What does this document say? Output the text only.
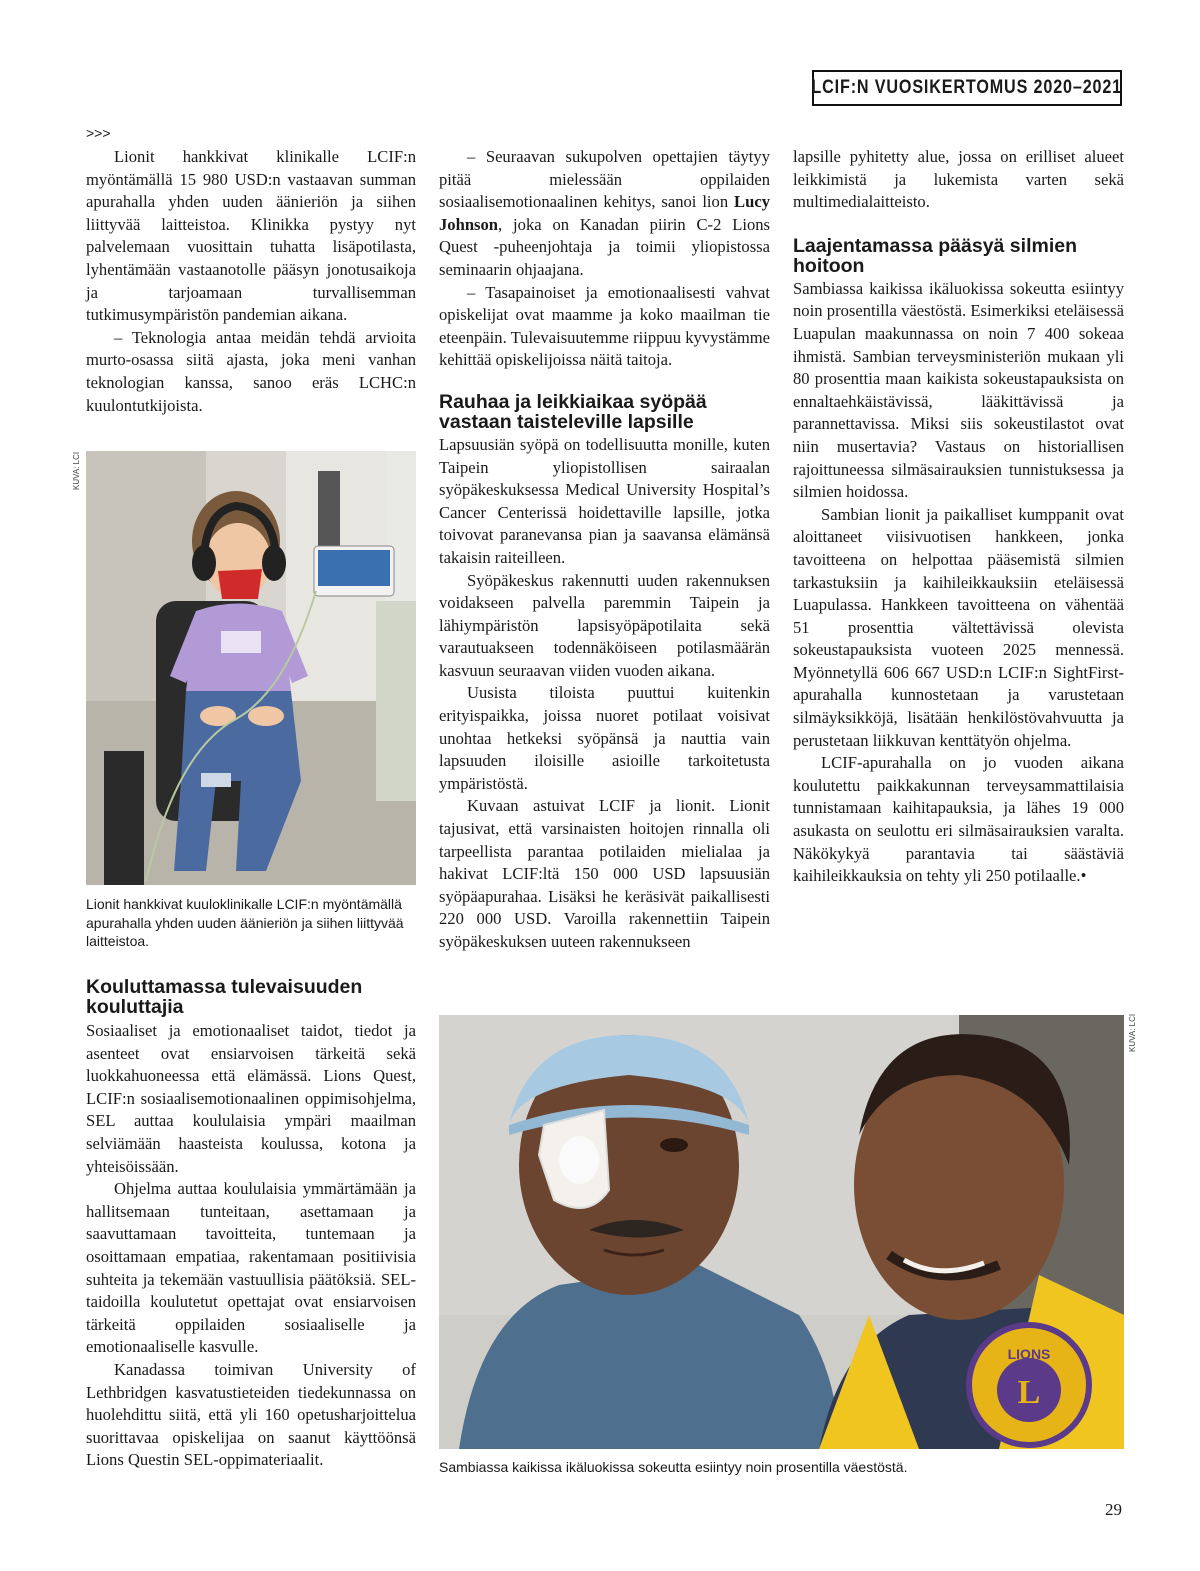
LCIF:N VUOSIKERTOMUS 2020–2021
>>>

Lionit hankkivat klinikalle LCIF:n myöntämällä 15 980 USD:n vastaavan summan apurahalla yhden uuden äänieriön ja siihen liittyvää laitteistoa. Klinikka pystyy nyt palvelemaan vuosittain tuhatta lisäpotilasta, lyhentämään vastaanotolle pääsyn jonotusaikoja ja tarjoamaan turvallisemman tutkimusympäristön pandemian aikana.

– Teknologia antaa meidän tehdä arvioita murto-osassa siitä ajasta, joka meni vanhan teknologian kanssa, sanoo eräs LCHC:n kuulontutkijoista.

KUVA: LCI
Lionit hankkivat kuuloklinikalle LCIF:n myöntämällä apurahalla yhden uuden äänieriön ja siihen liittyvää laitteistoa.
Kouluttamassa tulevaisuuden kouluttajia

Sosiaaliset ja emotionaaliset taidot, tiedot ja asenteet ovat ensiarvoisen tärkeitä sekä luokkahuoneessa että elämässä. Lions Quest, LCIF:n sosiaalisemotionaalinen oppimisohjelma, SEL auttaa koululaisia ympäri maailman selviämään haasteista koulussa, kotona ja yhteisöissään.

Ohjelma auttaa koululaisia ymmärtämään ja hallitsemaan tunteitaan, asettamaan ja saavuttamaan tavoitteita, tuntemaan ja osoittamaan empatiaa, rakentamaan positiivisia suhteita ja tekemään vastuullisia päätöksiä. SEL-taidoilla koulutetut opettajat ovat ensiarvoisen tärkeitä oppilaiden sosiaaliselle ja emotionaaliselle kasvulle.

Kanadassa toimivan University of Lethbridgen kasvatustieteiden tiedekunnassa on huolehdittu siitä, että yli 160 opetusharjoittelua suorittavaa opiskelijaa on saanut käyttöönsä Lions Questin SEL-oppimateriaalit.

– Seuraavan sukupolven opettajien täytyy pitää mielessään oppilaiden sosiaalisemotionaalinen kehitys, sanoi lion Lucy Johnson, joka on Kanadan piirin C-2 Lions Quest -puheenjohtaja ja toimii yliopistossa seminaarin ohjaajana.

– Tasapainoiset ja emotionaalisesti vahvat opiskelijat ovat maamme ja koko maailman tie eteenpäin. Tulevaisuutemme riippuu kyvystämme kehittää opiskelijoissa näitä taitoja.

Rauhaa ja leikkiaikaa syöpää vastaan taisteleville lapsille

Lapsuusiän syöpä on todellisuutta monille, kuten Taipein yliopistollisen sairaalan syöpäkeskuksessa Medical University Hospital’s Cancer Centerissä hoidettaville lapsille, jotka toivovat paranevansa pian ja saavansa elämänsä takaisin raiteilleen.

Syöpäkeskus rakennutti uuden rakennuksen voidakseen palvella paremmin Taipein ja lähiympäristön lapsisyöpäpotilaita sekä varautuakseen todennäköiseen potilasmäärän kasvuun seuraavan viiden vuoden aikana.

Uusista tiloista puuttui kuitenkin erityispaikka, joissa nuoret potilaat voisivat unohtaa hetkeksi syöpänsä ja nauttia vain lapsuuden iloisille asioille tarkoitetusta ympäristöstä.

Kuvaan astuivat LCIF ja lionit. Lionit tajusivat, että varsinaisten hoitojen rinnalla oli tarpeellista parantaa potilaiden mielialaa ja hakivat LCIF:ltä 150 000 USD lapsuusiän syöpäapurahaa. Lisäksi he keräsivät paikallisesti 220 000 USD. Varoilla rakennettiin Taipein syöpäkeskuksen uuteen rakennukseen

lapsille pyhitetty alue, jossa on erilliset alueet leikkimistä ja lukemista varten sekä multimedialaitteisto.

Laajentamassa pääsyä silmien hoitoon

Sambiassa kaikissa ikäluokissa sokeutta esiintyy noin prosentilla väestöstä. Esimerkiksi eteläisessä Luapulan maakunnassa on noin 7 400 sokeaa ihmistä. Sambian terveysministeriön mukaan yli 80 prosenttia maan kaikista sokeustapauksista on ennaltaehkäistävissä, lääkittävissä ja parannettavissa. Miksi siis sokeustilastot ovat niin musertavia? Vastaus on historiallisen rajoittuneessa silmäsairauksien tunnistuksessa ja silmien hoidossa.

Sambian lionit ja paikalliset kumppanit ovat aloittaneet viisivuotisen hankkeen, jonka tavoitteena on helpottaa pääsemistä silmien tarkastuksiin ja kaihileikkauksiin eteläisessä Luapulassa. Hankkeen tavoitteena on vähentää 51 prosenttia vältettävissä olevista sokeustapauksista vuoteen 2025 mennessä. Myönnetyllä 606 667 USD:n LCIF:n SightFirst-apurahalla kunnostetaan ja varustetaan silmäyksikköjä, lisätään henkilöstövahvuutta ja perustetaan liikkuvan kenttätyön ohjelma.

LCIF-apurahalla on jo vuoden aikana koulutettu paikkakunnan terveysammattilaisia tunnistamaan kaihitapauksia, ja lähes 19 000 asukasta on seulottu eri silmäsairauksien varalta. Näkökykyä parantavia tai säästäviä kaihileikkauksia on tehty yli 250 potilaalle.•

KUVA: LCI
LIONS
L
Sambiassa kaikissa ikäluokissa sokeutta esiintyy noin prosentilla väestöstä.
29
